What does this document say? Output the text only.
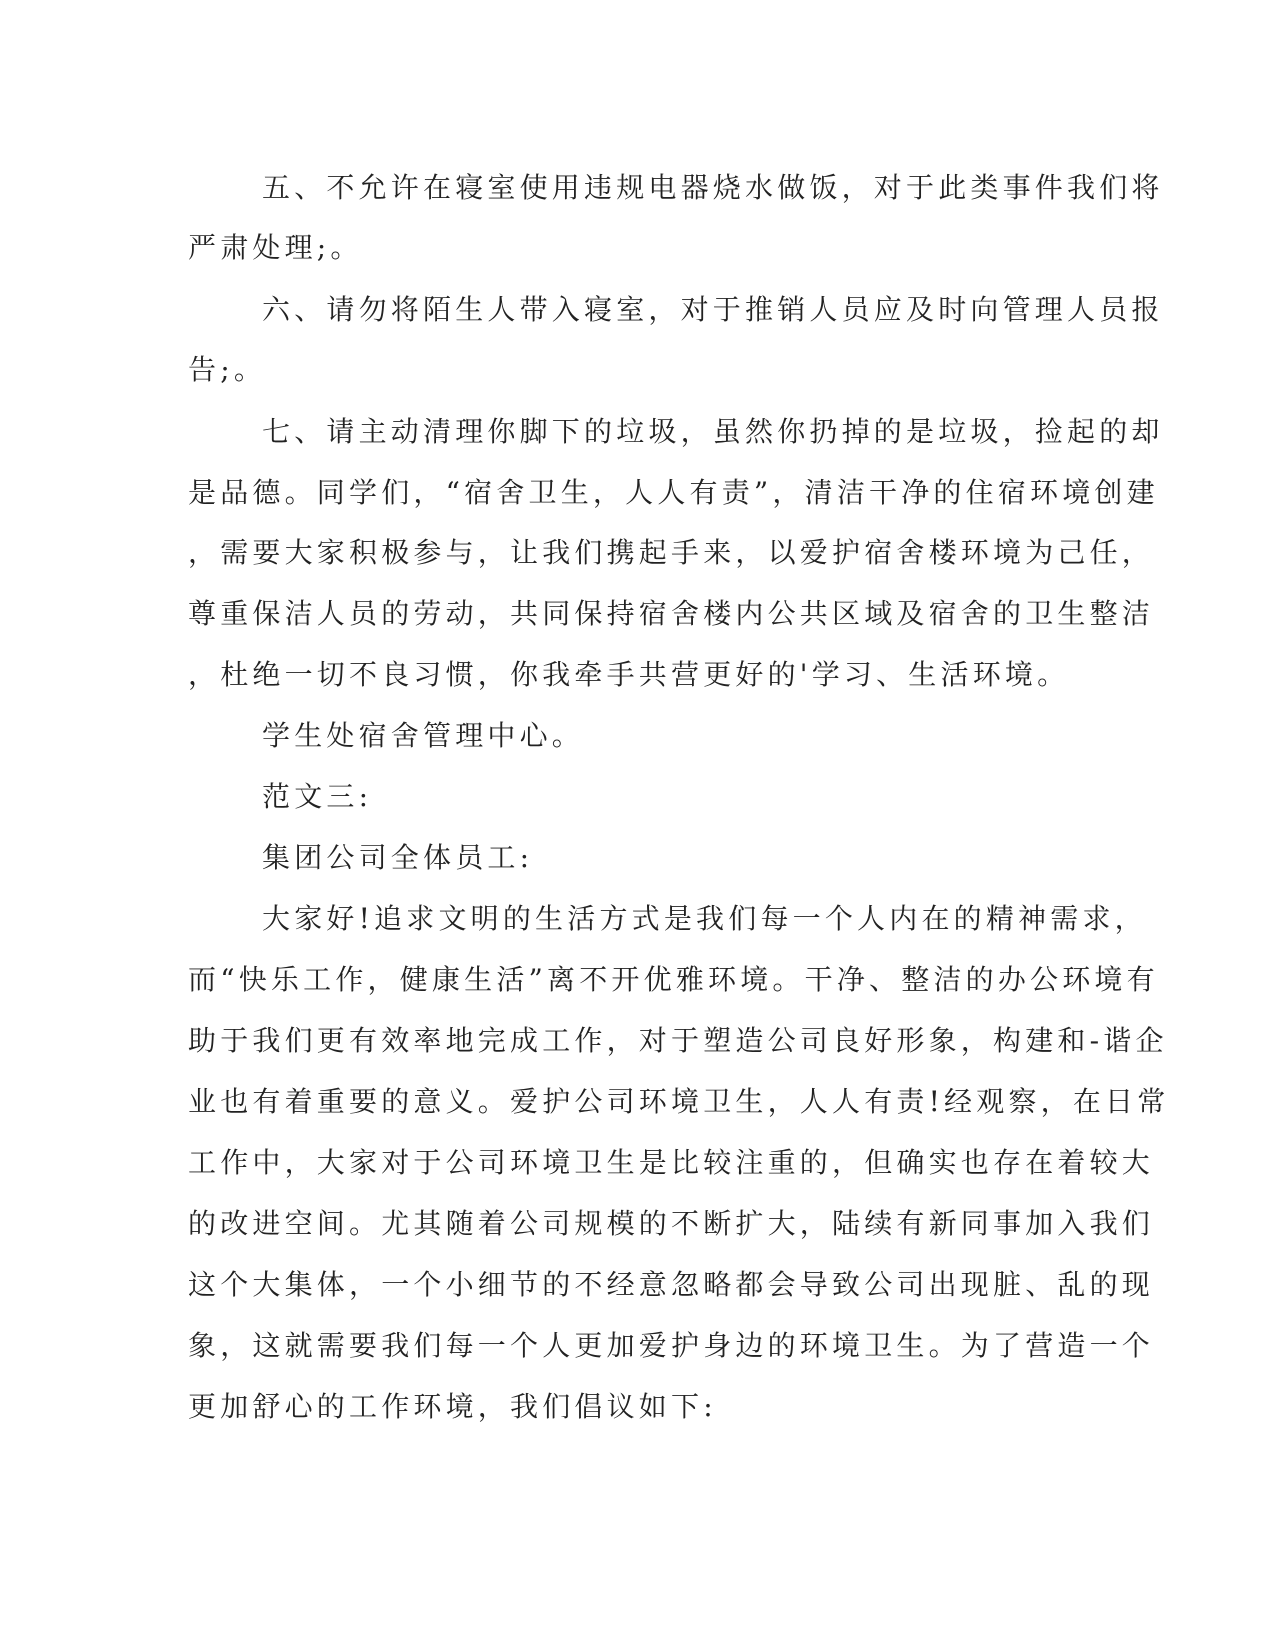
五、不允许在寝室使用违规电器烧水做饭，对于此类事件我们将
严肃处理;。
六、请勿将陌生人带入寝室，对于推销人员应及时向管理人员报
告;。
七、请主动清理你脚下的垃圾，虽然你扔掉的是垃圾，捡起的却
是品德。同学们，“宿舍卫生，人人有责”，清洁干净的住宿环境创建
，需要大家积极参与，让我们携起手来，以爱护宿舍楼环境为己任，
尊重保洁人员的劳动，共同保持宿舍楼内公共区域及宿舍的卫生整洁
，杜绝一切不良习惯，你我牵手共营更好的'学习、生活环境。
学生处宿舍管理中心。
范文三:
集团公司全体员工:
大家好!追求文明的生活方式是我们每一个人内在的精神需求，
而“快乐工作，健康生活”离不开优雅环境。干净、整洁的办公环境有
助于我们更有效率地完成工作，对于塑造公司良好形象，构建和-谐企
业也有着重要的意义。爱护公司环境卫生，人人有责!经观察，在日常
工作中，大家对于公司环境卫生是比较注重的，但确实也存在着较大
的改进空间。尤其随着公司规模的不断扩大，陆续有新同事加入我们
这个大集体，一个小细节的不经意忽略都会导致公司出现脏、乱的现
象，这就需要我们每一个人更加爱护身边的环境卫生。为了营造一个
更加舒心的工作环境，我们倡议如下:
